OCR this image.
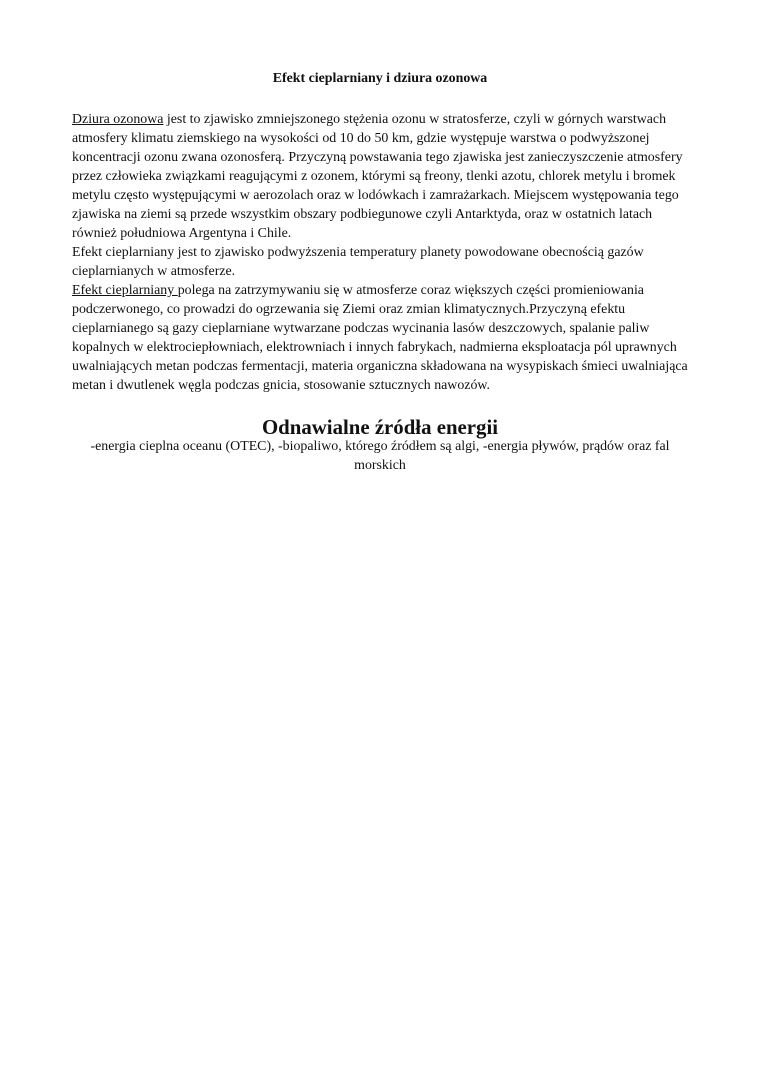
Efekt cieplarniany i dziura ozonowa

Dziura ozonowa jest to zjawisko zmniejszonego stężenia ozonu w stratosferze, czyli w górnych warstwach atmosfery klimatu ziemskiego na wysokości od 10 do 50 km, gdzie występuje warstwa o podwyższonej koncentracji ozonu zwana ozonosferą. Przyczyną powstawania tego zjawiska jest zanieczyszczenie atmosfery przez człowieka związkami reagującymi z ozonem, którymi są freony, tlenki azotu, chlorek metylu i bromek metylu często występującymi w aerozolach oraz w lodówkach i zamrażarkach. Miejscem występowania tego zjawiska na ziemi są przede wszystkim obszary podbiegunowe czyli Antarktyda, oraz w ostatnich latach również południowa Argentyna i Chile.

Efekt cieplarniany jest to zjawisko podwyższenia temperatury planety powodowane obecnością gazów cieplarnianych w atmosferze.

Efekt cieplarniany polega na zatrzymywaniu się w atmosferze coraz większych części promieniowania podczerwonego, co prowadzi do ogrzewania się Ziemi oraz zmian klimatycznych.Przyczyną efektu cieplarnianego są gazy cieplarniane wytwarzane podczas wycinania lasów deszczowych, spalanie paliw kopalnych w elektrociepłowniach, elektrowniach i innych fabrykach, nadmierna eksploatacja pól uprawnych uwalniających metan podczas fermentacji, materia organiczna składowana na wysypiskach śmieci uwalniająca metan i dwutlenek węgla podczas gnicia, stosowanie sztucznych nawozów.

Odnawialne źródła energii

-energia cieplna oceanu (OTEC), -biopaliwo, którego źródłem są algi, -energia pływów, prądów oraz fal morskich
